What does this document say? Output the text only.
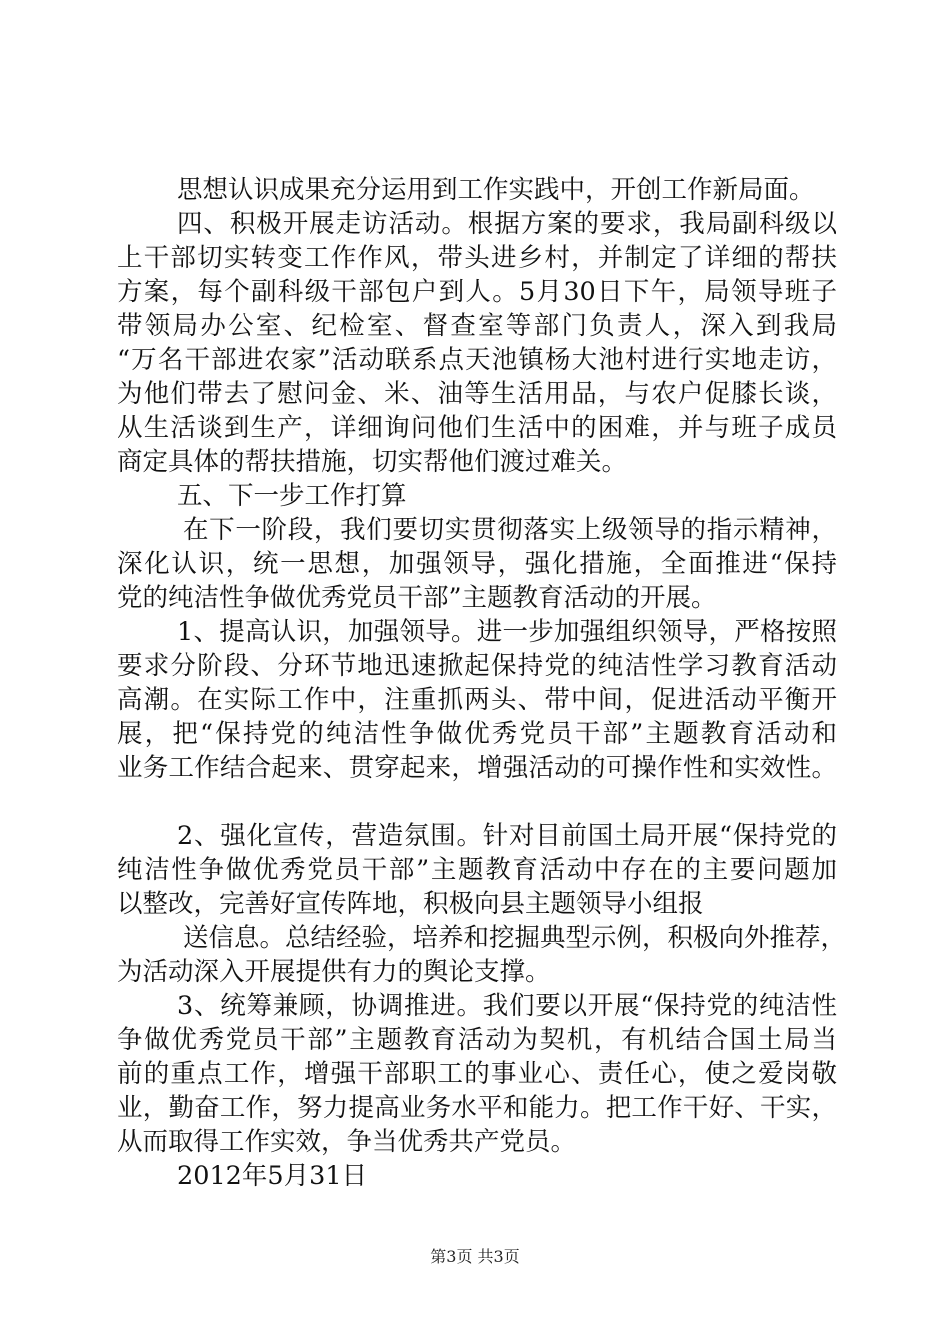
思想认识成果充分运用到工作实践中，开创工作新局面。
四、积极开展走访活动。根据方案的要求，我局副科级以
上干部切实转变工作作风，带头进乡村，并制定了详细的帮扶
方案，每个副科级干部包户到人。5月30日下午，局领导班子
带领局办公室、纪检室、督查室等部门负责人，深入到我局
“万名干部进农家”活动联系点天池镇杨大池村进行实地走访，
为他们带去了慰问金、米、油等生活用品，与农户促膝长谈，
从生活谈到生产，详细询问他们生活中的困难，并与班子成员
商定具体的帮扶措施，切实帮他们渡过难关。
五、下一步工作打算
在下一阶段，我们要切实贯彻落实上级领导的指示精神，
深化认识，统一思想，加强领导，强化措施，全面推进“保持
党的纯洁性争做优秀党员干部”主题教育活动的开展。
1、提高认识，加强领导。进一步加强组织领导，严格按照
要求分阶段、分环节地迅速掀起保持党的纯洁性学习教育活动
高潮。在实际工作中，注重抓两头、带中间，促进活动平衡开
展，把“保持党的纯洁性争做优秀党员干部”主题教育活动和
业务工作结合起来、贯穿起来，增强活动的可操作性和实效性。
2、强化宣传，营造氛围。针对目前国土局开展“保持党的
纯洁性争做优秀党员干部”主题教育活动中存在的主要问题加
以整改，完善好宣传阵地，积极向县主题领导小组报
送信息。总结经验，培养和挖掘典型示例，积极向外推荐，
为活动深入开展提供有力的舆论支撑。
3、统筹兼顾，协调推进。我们要以开展“保持党的纯洁性
争做优秀党员干部”主题教育活动为契机，有机结合国土局当
前的重点工作，增强干部职工的事业心、责任心，使之爱岗敬
业，勤奋工作，努力提高业务水平和能力。把工作干好、干实，
从而取得工作实效，争当优秀共产党员。
2012年5月31日
第3页 共3页
